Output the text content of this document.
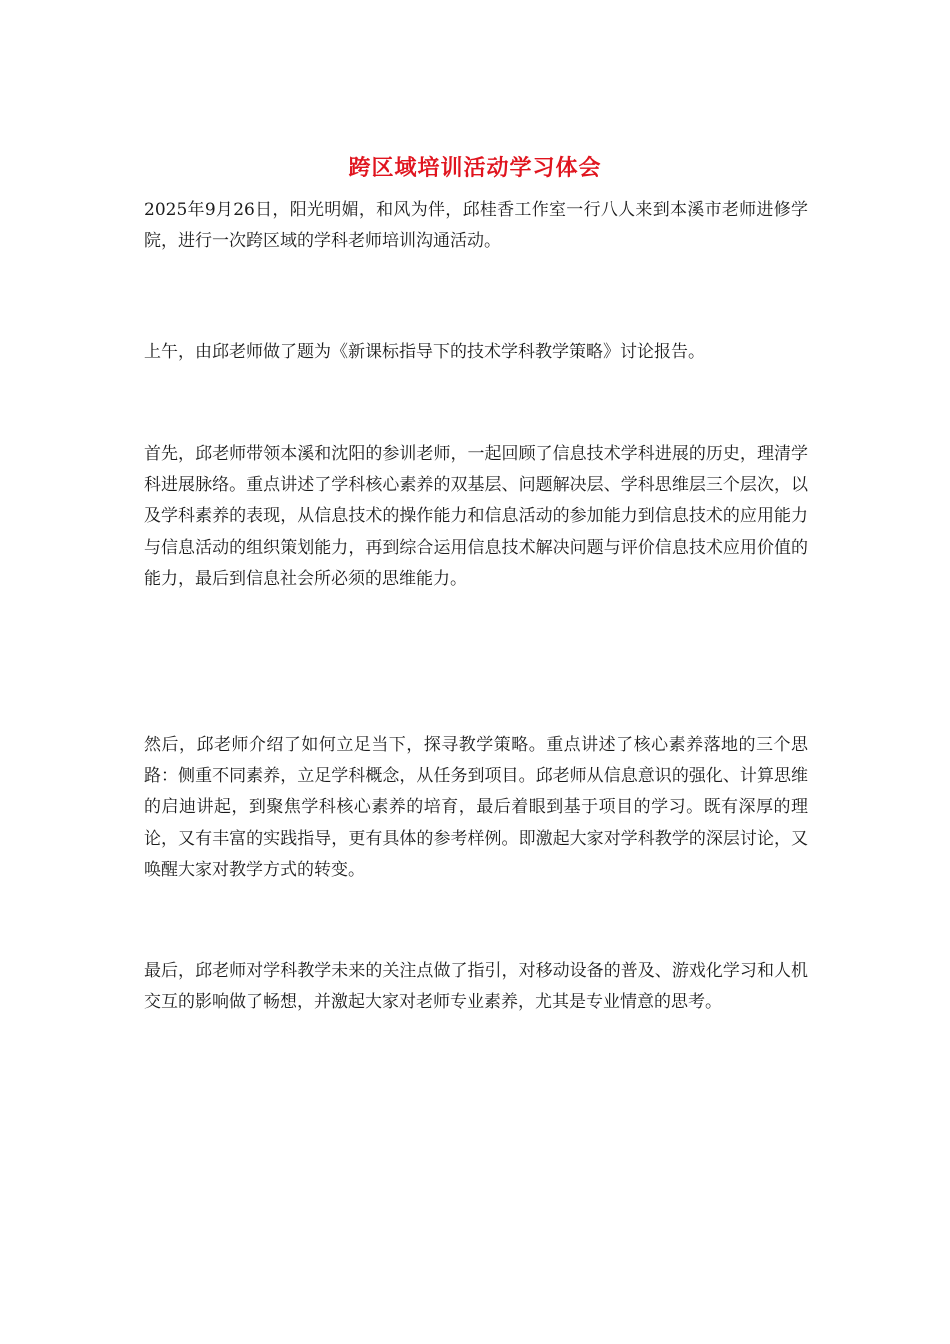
跨区域培训活动学习体会

2025年9月26日，阳光明媚，和风为伴，邱桂香工作室一行八人来到本溪市老师进修学院，进行一次跨区域的学科老师培训沟通活动。

上午，由邱老师做了题为《新课标指导下的技术学科教学策略》讨论报告。

首先，邱老师带领本溪和沈阳的参训老师，一起回顾了信息技术学科进展的历史，理清学科进展脉络。重点讲述了学科核心素养的双基层、问题解决层、学科思维层三个层次，以及学科素养的表现，从信息技术的操作能力和信息活动的参加能力到信息技术的应用能力与信息活动的组织策划能力，再到综合运用信息技术解决问题与评价信息技术应用价值的能力，最后到信息社会所必须的思维能力。

然后，邱老师介绍了如何立足当下，探寻教学策略。重点讲述了核心素养落地的三个思路：侧重不同素养，立足学科概念，从任务到项目。邱老师从信息意识的强化、计算思维的启迪讲起，到聚焦学科核心素养的培育，最后着眼到基于项目的学习。既有深厚的理论，又有丰富的实践指导，更有具体的参考样例。即激起大家对学科教学的深层讨论，又唤醒大家对教学方式的转变。

最后，邱老师对学科教学未来的关注点做了指引，对移动设备的普及、游戏化学习和人机交互的影响做了畅想，并激起大家对老师专业素养，尤其是专业情意的思考。
